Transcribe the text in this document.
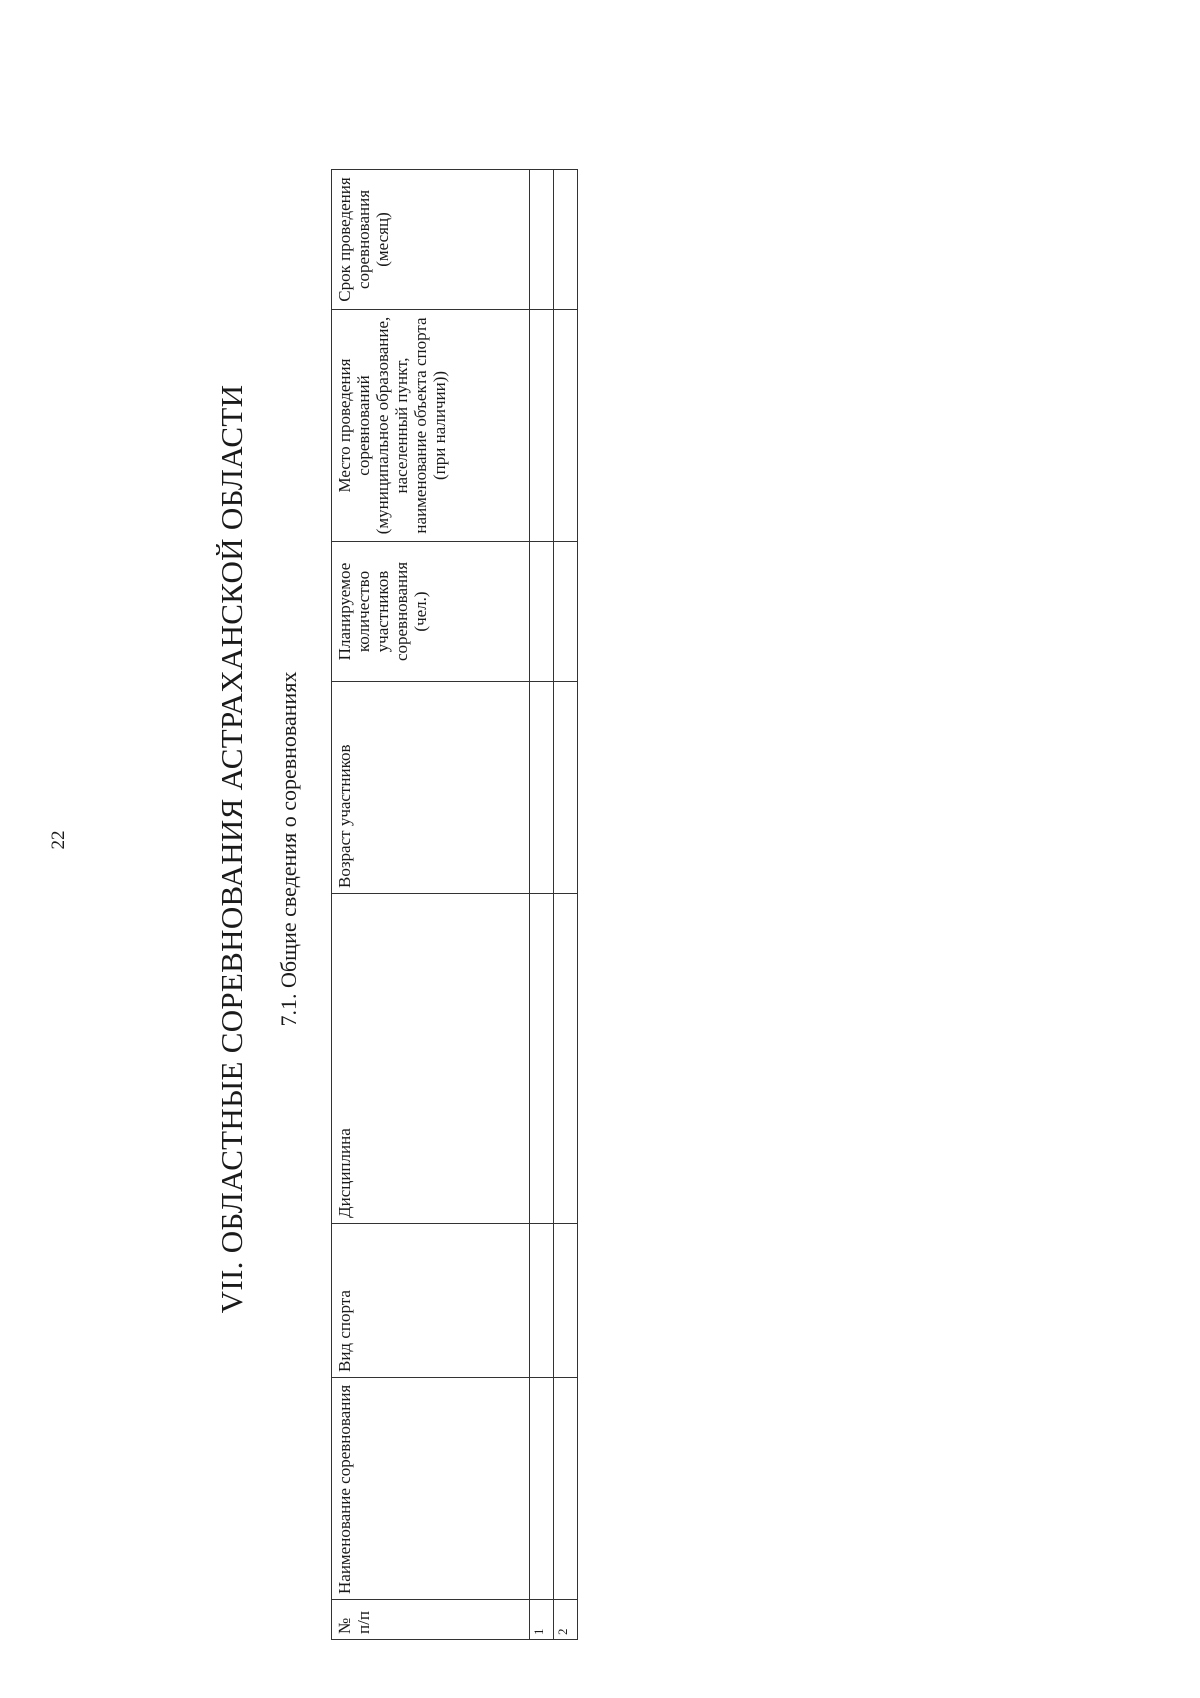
22	VII. ОБЛАСТНЫЕ СОРЕВНОВАНИЯ АСТРАХАНСКОЙ ОБЛАСТИ 7.1. Общие сведения о соревнованиях
№ п/п	Наименование соревнования	Вид спорта	Дисциплина	Возраст участников	Планируемое количество участников соревнования (чел.)	Место проведения соревнований (муниципальное образование, населенный пункт, наименование объекта спорта (при наличии))	Срок проведения соревнования (месяц)
1							
2							
